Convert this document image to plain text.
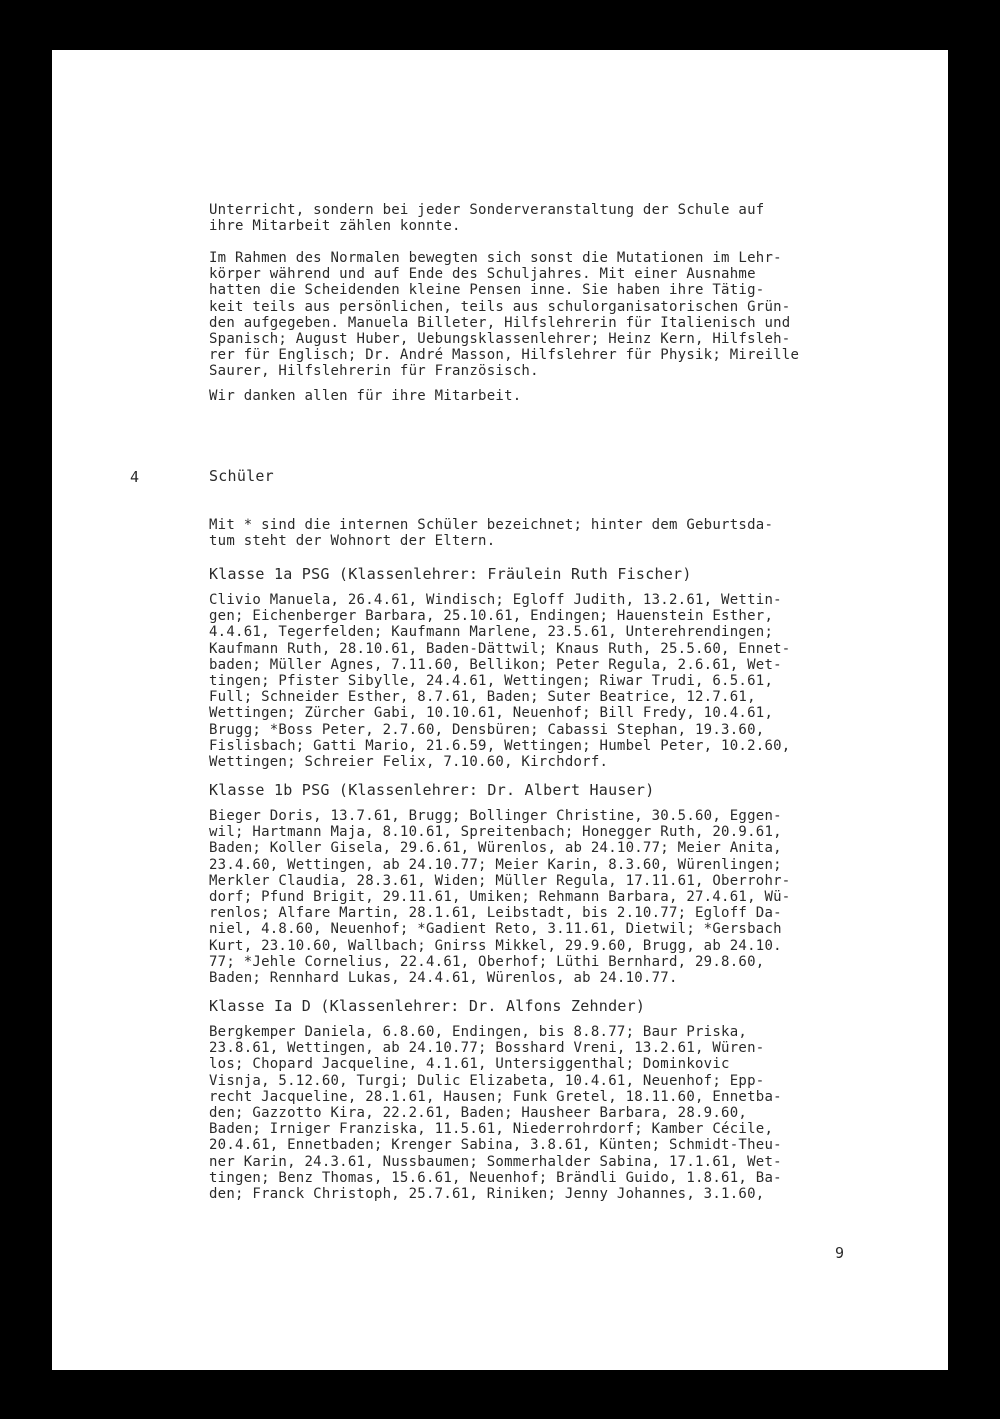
Unterricht, sondern bei jeder Sonderveranstaltung der Schule auf
ihre Mitarbeit zählen konnte.

Im Rahmen des Normalen bewegten sich sonst die Mutationen im Lehr-
körper während und auf Ende des Schuljahres. Mit einer Ausnahme
hatten die Scheidenden kleine Pensen inne. Sie haben ihre Tätig-
keit teils aus persönlichen, teils aus schulorganisatorischen Grün-
den aufgegeben. Manuela Billeter, Hilfslehrerin für Italienisch und
Spanisch; August Huber, Uebungsklassenlehrer; Heinz Kern, Hilfsleh-
rer für Englisch; Dr. André Masson, Hilfslehrer für Physik; Mireille
Saurer, Hilfslehrerin für Französisch.

Wir danken allen für ihre Mitarbeit.

4	Schüler

Mit * sind die internen Schüler bezeichnet; hinter dem Geburtsda-
tum steht der Wohnort der Eltern.

Klasse 1a PSG (Klassenlehrer: Fräulein Ruth Fischer)

Clivio Manuela, 26.4.61, Windisch; Egloff Judith, 13.2.61, Wettin-
gen; Eichenberger Barbara, 25.10.61, Endingen; Hauenstein Esther,
4.4.61, Tegerfelden; Kaufmann Marlene, 23.5.61, Unterehrendingen;
Kaufmann Ruth, 28.10.61, Baden-Dättwil; Knaus Ruth, 25.5.60, Ennet-
baden; Müller Agnes, 7.11.60, Bellikon; Peter Regula, 2.6.61, Wet-
tingen; Pfister Sibylle, 24.4.61, Wettingen; Riwar Trudi, 6.5.61,
Full; Schneider Esther, 8.7.61, Baden; Suter Beatrice, 12.7.61,
Wettingen; Zürcher Gabi, 10.10.61, Neuenhof; Bill Fredy, 10.4.61,
Brugg; *Boss Peter, 2.7.60, Densbüren; Cabassi Stephan, 19.3.60,
Fislisbach; Gatti Mario, 21.6.59, Wettingen; Humbel Peter, 10.2.60,
Wettingen; Schreier Felix, 7.10.60, Kirchdorf.

Klasse 1b PSG (Klassenlehrer: Dr. Albert Hauser)

Bieger Doris, 13.7.61, Brugg; Bollinger Christine, 30.5.60, Eggen-
wil; Hartmann Maja, 8.10.61, Spreitenbach; Honegger Ruth, 20.9.61,
Baden; Koller Gisela, 29.6.61, Würenlos, ab 24.10.77; Meier Anita,
23.4.60, Wettingen, ab 24.10.77; Meier Karin, 8.3.60, Würenlingen;
Merkler Claudia, 28.3.61, Widen; Müller Regula, 17.11.61, Oberrohr-
dorf; Pfund Brigit, 29.11.61, Umiken; Rehmann Barbara, 27.4.61, Wü-
renlos; Alfare Martin, 28.1.61, Leibstadt, bis 2.10.77; Egloff Da-
niel, 4.8.60, Neuenhof; *Gadient Reto, 3.11.61, Dietwil; *Gersbach
Kurt, 23.10.60, Wallbach; Gnirss Mikkel, 29.9.60, Brugg, ab 24.10.
77; *Jehle Cornelius, 22.4.61, Oberhof; Lüthi Bernhard, 29.8.60,
Baden; Rennhard Lukas, 24.4.61, Würenlos, ab 24.10.77.

Klasse Ia D (Klassenlehrer: Dr. Alfons Zehnder)

Bergkemper Daniela, 6.8.60, Endingen, bis 8.8.77; Baur Priska,
23.8.61, Wettingen, ab 24.10.77; Bosshard Vreni, 13.2.61, Würen-
los; Chopard Jacqueline, 4.1.61, Untersiggenthal; Dominkovic
Visnja, 5.12.60, Turgi; Dulic Elizabeta, 10.4.61, Neuenhof; Epp-
recht Jacqueline, 28.1.61, Hausen; Funk Gretel, 18.11.60, Ennetba-
den; Gazzotto Kira, 22.2.61, Baden; Hausheer Barbara, 28.9.60,
Baden; Irniger Franziska, 11.5.61, Niederrohrdorf; Kamber Cécile,
20.4.61, Ennetbaden; Krenger Sabina, 3.8.61, Künten; Schmidt-Theu-
ner Karin, 24.3.61, Nussbaumen; Sommerhalder Sabina, 17.1.61, Wet-
tingen; Benz Thomas, 15.6.61, Neuenhof; Brändli Guido, 1.8.61, Ba-
den; Franck Christoph, 25.7.61, Riniken; Jenny Johannes, 3.1.60,

9
